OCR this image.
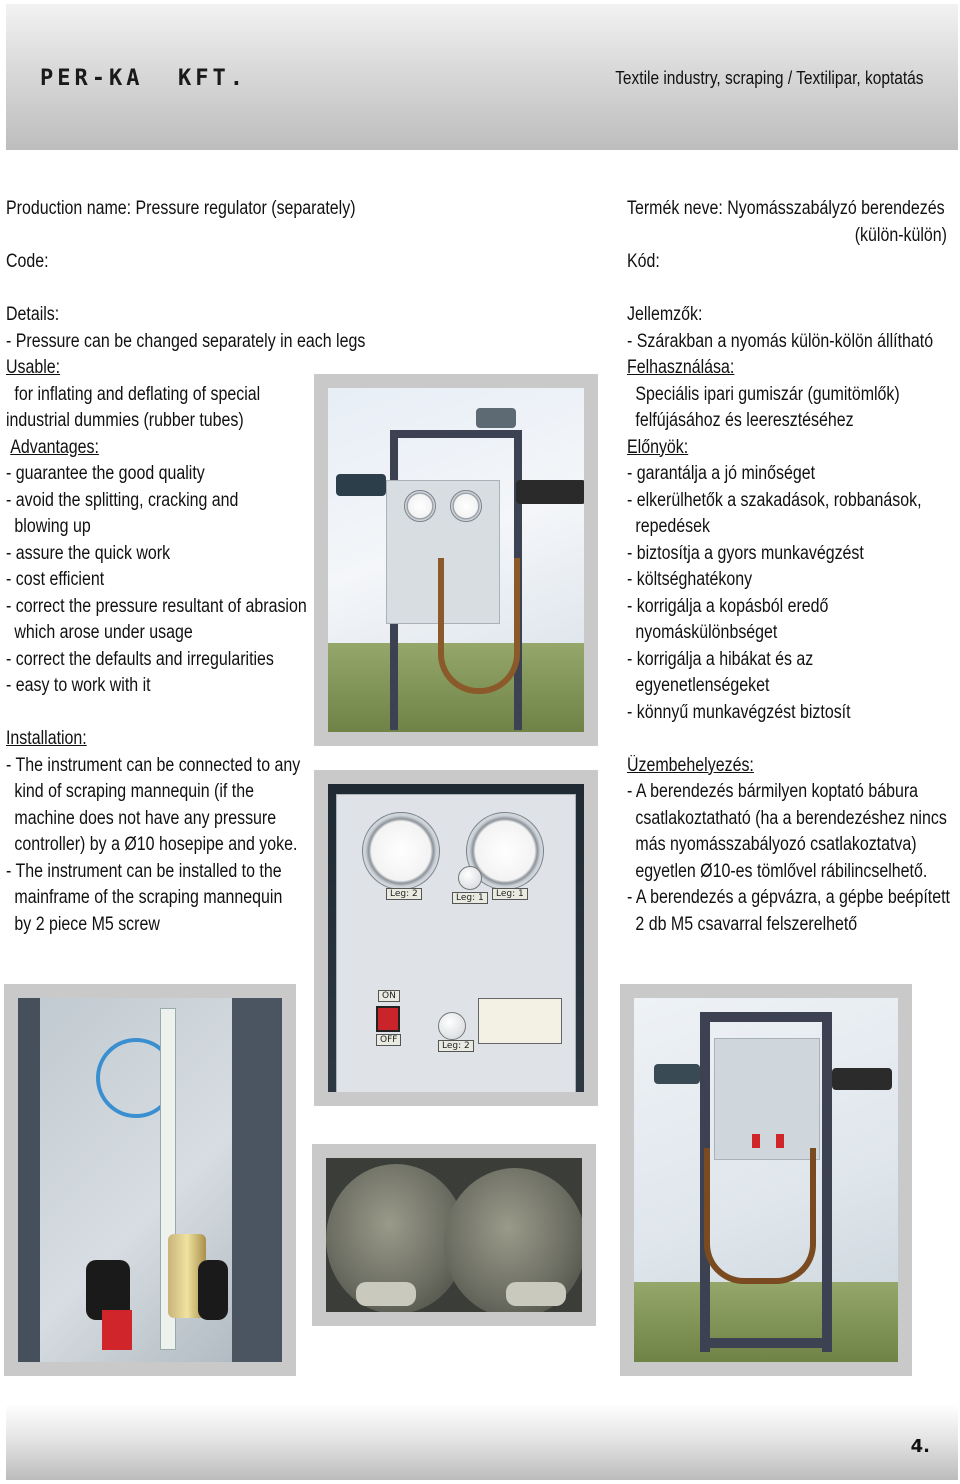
PER-KA  KFT.	Textile industry, scraping / Textilipar, koptatás
Production name: Pressure regulator (separately)
Code:
Details:
- Pressure can be changed separately in each legs
Usable:
for inflating and deflating of special
industrial dummies (rubber tubes)
Advantages:
- guarantee the good quality
- avoid the splitting, cracking and
blowing up
- assure the quick work
- cost efficient
- correct the pressure resultant of abrasion
which arose under usage
- correct the defaults and irregularities
- easy to work with it
Installation:
- The instrument can be connected to any
kind of scraping mannequin (if the
machine does not have any pressure
controller) by a Ø10 hosepipe and yoke.
- The instrument can be installed to the
mainframe of the scraping mannequin
by 2 piece M5 screw
Termék neve: Nyomásszabályzó berendezés
(külön-külön)
Kód:
Jellemzők:
- Szárakban a nyomás külön-kölön állítható
Felhasználása:
Speciális ipari gumiszár (gumitömlők)
felfújásához és leeresztéséhez
Előnyök:
- garantálja a jó minőséget
- elkerülhetők a szakadások, robbanások,
repedések
- biztosítja a gyors munkavégzést
- költséghatékony
- korrigálja a kopásból eredő
nyomáskülönbséget
- korrigálja a hibákat és az
egyenetlenségeket
- könnyű munkavégzést biztosít
Üzembehelyezés:
- A berendezés bármilyen koptató bábura
csatlakoztatható (ha a berendezéshez nincs
más nyomásszabályozó csatlakoztatva)
egyetlen Ø10-es tömlővel rábilincselhető.
- A berendezés a gépvázra, a gépbe beépített
2 db M5 csavarral felszerelhető
Leg: 2	Leg: 1	Leg: 1
ON
OFF
Leg: 2
4.
